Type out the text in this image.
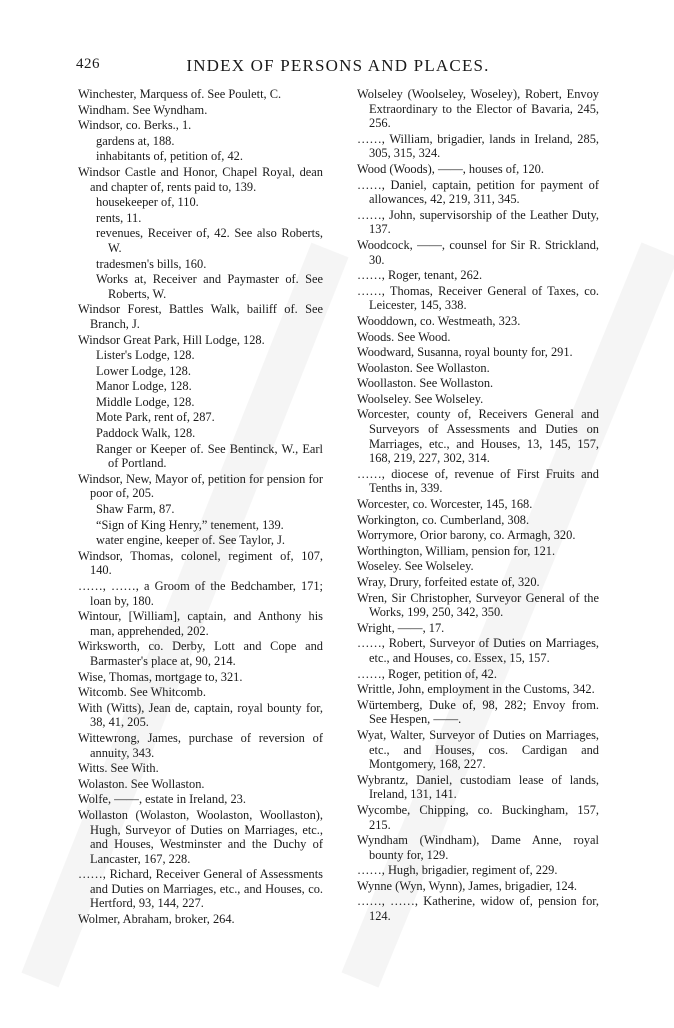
426	INDEX OF PERSONS AND PLACES.

Winchester, Marquess of. See Poulett, C.

Windham. See Wyndham.

Windsor, co. Berks., 1.

gardens at, 188.

inhabitants of, petition of, 42.

Windsor Castle and Honor, Chapel Royal, dean and chapter of, rents paid to, 139.

housekeeper of, 110.

rents, 11.

revenues, Receiver of, 42. See also Roberts, W.

tradesmen's bills, 160.

Works at, Receiver and Paymaster of. See Roberts, W.

Windsor Forest, Battles Walk, bailiff of. See Branch, J.

Windsor Great Park, Hill Lodge, 128.

Lister's Lodge, 128.

Lower Lodge, 128.

Manor Lodge, 128.

Middle Lodge, 128.

Mote Park, rent of, 287.

Paddock Walk, 128.

Ranger or Keeper of. See Bentinck, W., Earl of Portland.

Windsor, New, Mayor of, petition for pension for poor of, 205.

Shaw Farm, 87.

“Sign of King Henry,” tenement, 139.

water engine, keeper of. See Taylor, J.

Windsor, Thomas, colonel, regiment of, 107, 140.

……, ……, a Groom of the Bedchamber, 171; loan by, 180.

Wintour, [William], captain, and Anthony his man, apprehended, 202.

Wirksworth, co. Derby, Lott and Cope and Barmaster's place at, 90, 214.

Wise, Thomas, mortgage to, 321.

Witcomb. See Whitcomb.

With (Witts), Jean de, captain, royal bounty for, 38, 41, 205.

Wittewrong, James, purchase of reversion of annuity, 343.

Witts. See With.

Wolaston. See Wollaston.

Wolfe, ——, estate in Ireland, 23.

Wollaston (Wolaston, Woolaston, Woollaston), Hugh, Surveyor of Duties on Marriages, etc., and Houses, Westminster and the Duchy of Lancaster, 167, 228.

……, Richard, Receiver General of Assessments and Duties on Marriages, etc., and Houses, co. Hertford, 93, 144, 227.

Wolmer, Abraham, broker, 264.

Wolseley (Woolseley, Woseley), Robert, Envoy Extraordinary to the Elector of Bavaria, 245, 256.

……, William, brigadier, lands in Ireland, 285, 305, 315, 324.

Wood (Woods), ——, houses of, 120.

……, Daniel, captain, petition for payment of allowances, 42, 219, 311, 345.

……, John, supervisorship of the Leather Duty, 137.

Woodcock, ——, counsel for Sir R. Strickland, 30.

……, Roger, tenant, 262.

……, Thomas, Receiver General of Taxes, co. Leicester, 145, 338.

Wooddown, co. Westmeath, 323.

Woods. See Wood.

Woodward, Susanna, royal bounty for, 291.

Woolaston. See Wollaston.

Woollaston. See Wollaston.

Woolseley. See Wolseley.

Worcester, county of, Receivers General and Surveyors of Assessments and Duties on Marriages, etc., and Houses, 13, 145, 157, 168, 219, 227, 302, 314.

……, diocese of, revenue of First Fruits and Tenths in, 339.

Worcester, co. Worcester, 145, 168.

Workington, co. Cumberland, 308.

Worrymore, Orior barony, co. Armagh, 320.

Worthington, William, pension for, 121.

Woseley. See Wolseley.

Wray, Drury, forfeited estate of, 320.

Wren, Sir Christopher, Surveyor General of the Works, 199, 250, 342, 350.

Wright, ——, 17.

……, Robert, Surveyor of Duties on Marriages, etc., and Houses, co. Essex, 15, 157.

……, Roger, petition of, 42.

Writtle, John, employment in the Customs, 342.

Würtemberg, Duke of, 98, 282; Envoy from. See Hespen, ——.

Wyat, Walter, Surveyor of Duties on Marriages, etc., and Houses, cos. Cardigan and Montgomery, 168, 227.

Wybrantz, Daniel, custodiam lease of lands, Ireland, 131, 141.

Wycombe, Chipping, co. Buckingham, 157, 215.

Wyndham (Windham), Dame Anne, royal bounty for, 129.

……, Hugh, brigadier, regiment of, 229.

Wynne (Wyn, Wynn), James, brigadier, 124.

……, ……, Katherine, widow of, pension for, 124.
